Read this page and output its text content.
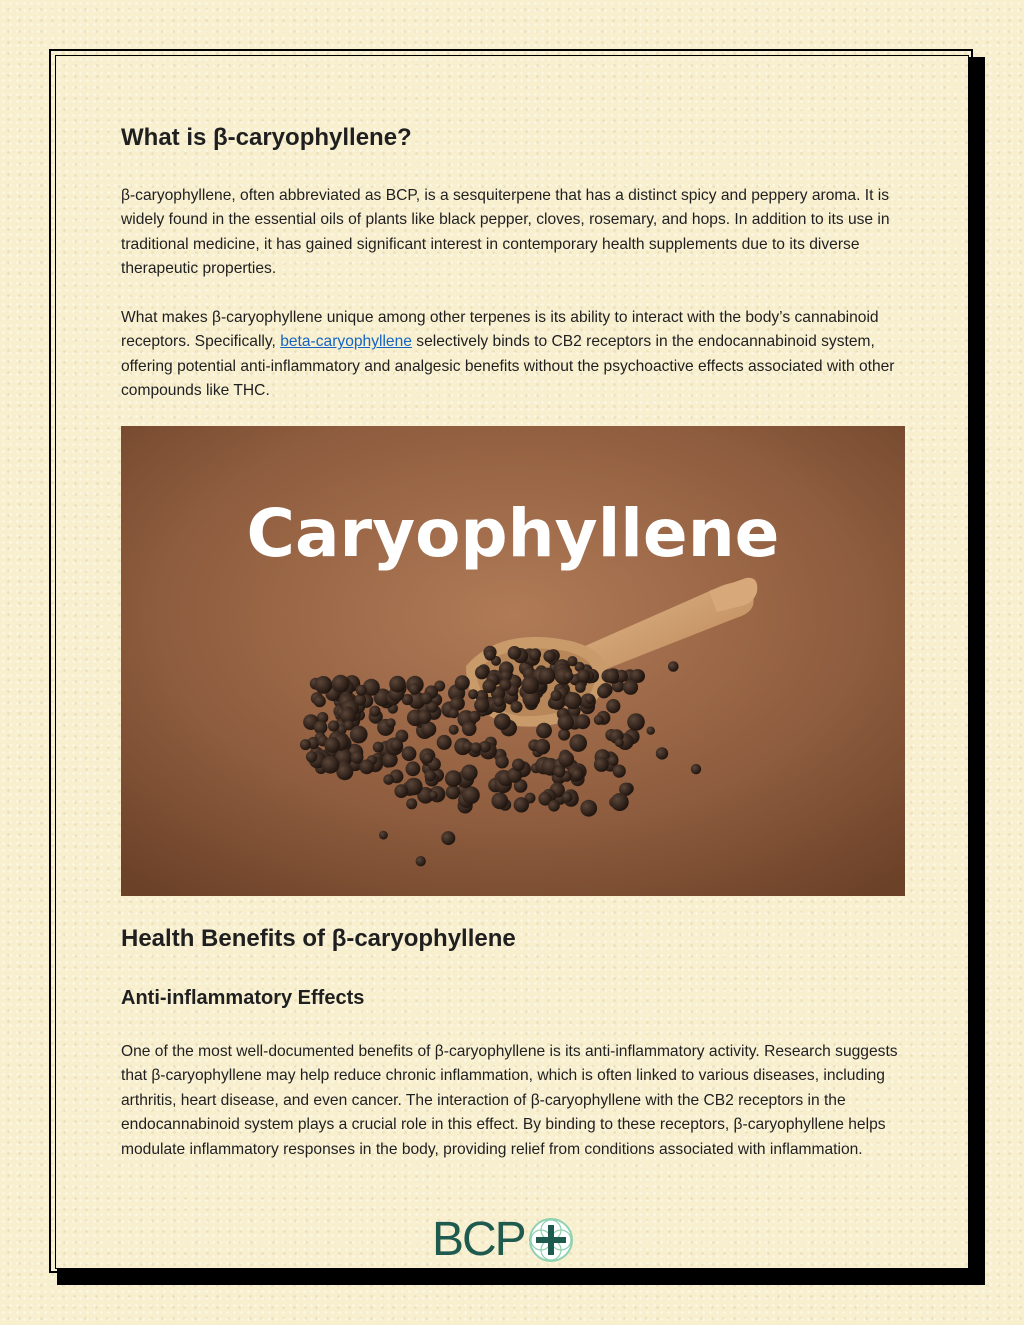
What is β-caryophyllene?

β-caryophyllene, often abbreviated as BCP, is a sesquiterpene that has a distinct spicy and peppery aroma. It is widely found in the essential oils of plants like black pepper, cloves, rosemary, and hops. In addition to its use in traditional medicine, it has gained significant interest in contemporary health supplements due to its diverse therapeutic properties.

What makes β-caryophyllene unique among other terpenes is its ability to interact with the body’s cannabinoid receptors. Specifically, beta-caryophyllene selectively binds to CB2 receptors in the endocannabinoid system, offering potential anti-inflammatory and analgesic benefits without the psychoactive effects associated with other compounds like THC.

Caryophyllene
Health Benefits of β-caryophyllene
Anti-inflammatory Effects

One of the most well-documented benefits of β-caryophyllene is its anti-inflammatory activity. Research suggests that β-caryophyllene may help reduce chronic inflammation, which is often linked to various diseases, including arthritis, heart disease, and even cancer. The interaction of β-caryophyllene with the CB2 receptors in the endocannabinoid system plays a crucial role in this effect. By binding to these receptors, β-caryophyllene helps modulate inflammatory responses in the body, providing relief from conditions associated with inflammation.

BCP
